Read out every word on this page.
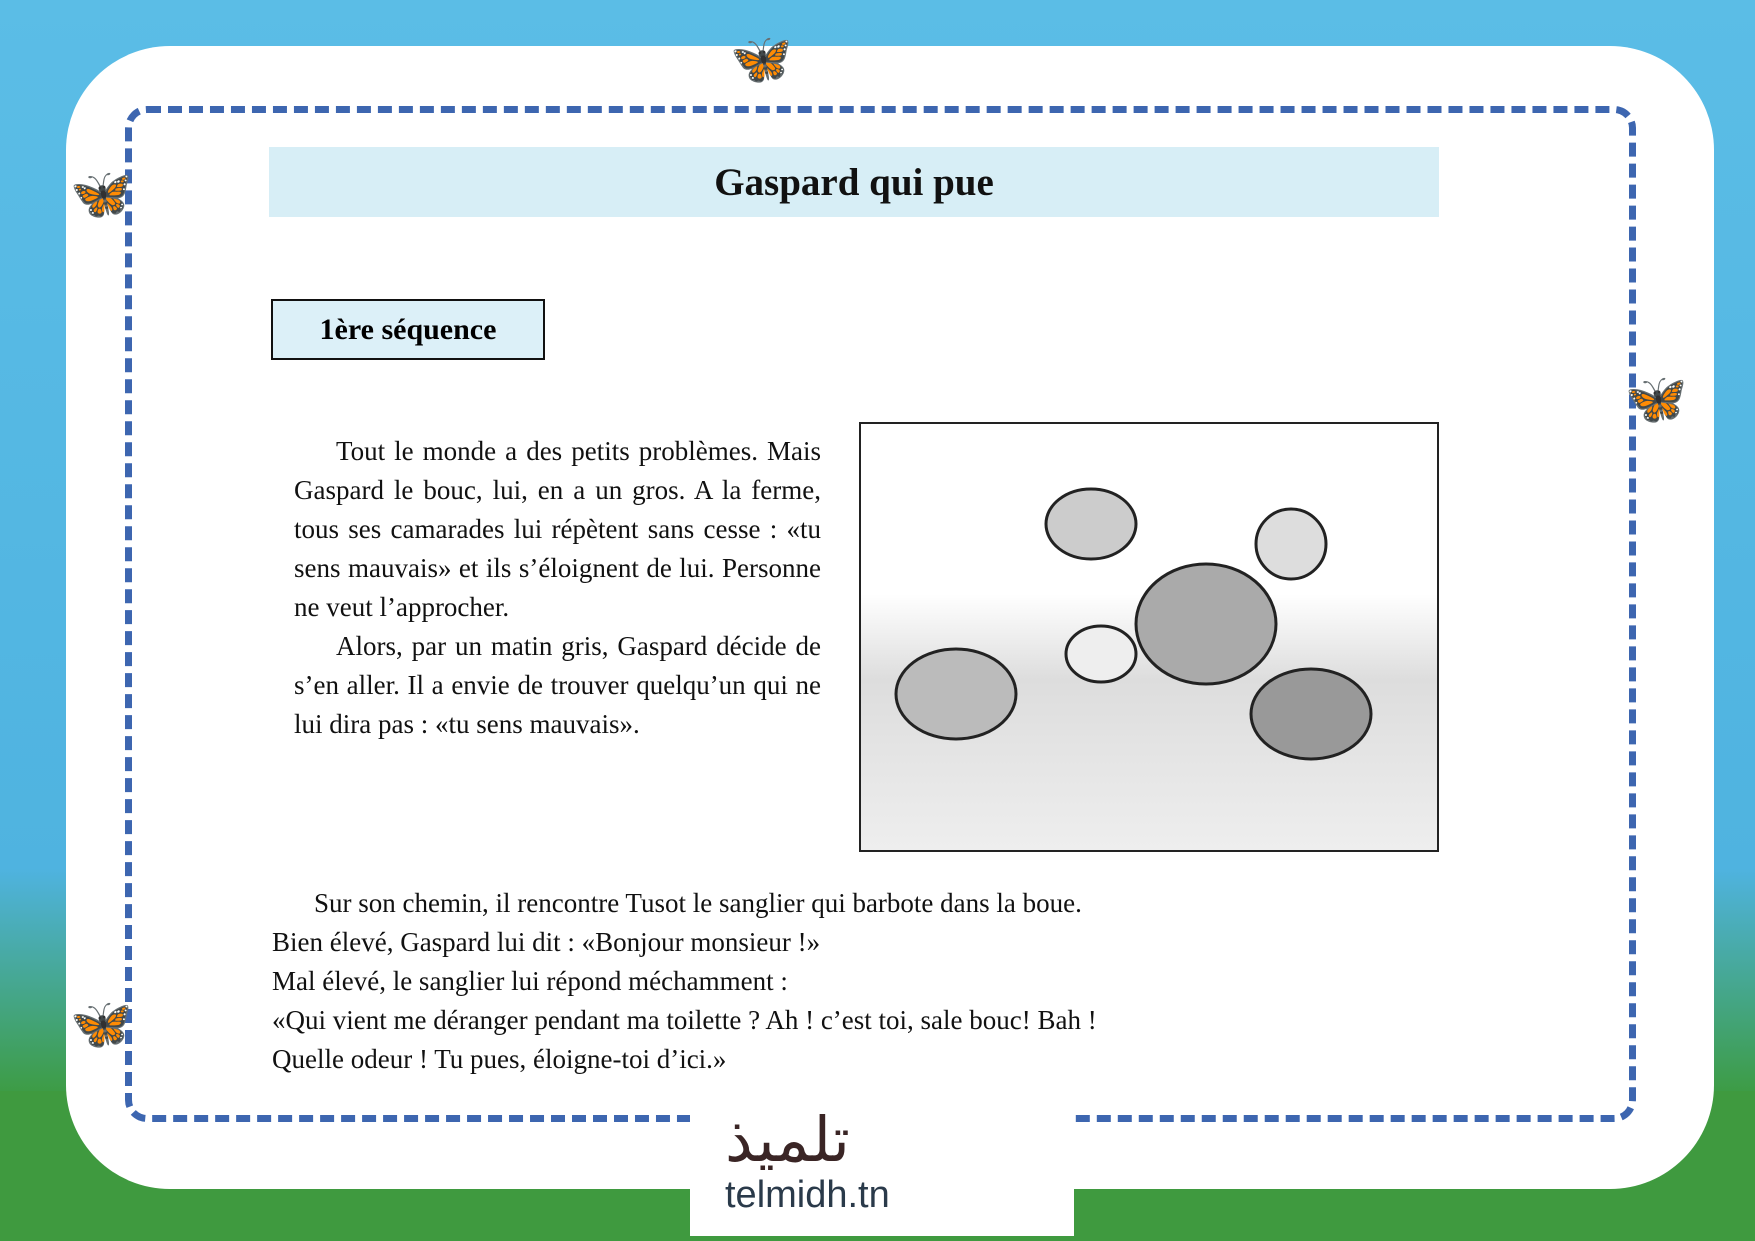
🦋
🦋
🦋
🦋
Gaspard qui pue
1ère séquence

Tout le monde a des petits problèmes. Mais Gaspard le bouc, lui, en a un gros. A la ferme, tous ses camarades lui répètent sans cesse : «tu sens mauvais» et ils s’éloignent de lui. Personne ne veut l’approcher.

Alors, par un matin gris, Gaspard décide de s’en aller. Il a envie de trouver quelqu’un qui ne lui dira pas : «tu sens mauvais».

Sur son chemin, il rencontre Tusot le sanglier qui barbote dans la boue.
Bien élevé, Gaspard lui dit : «Bonjour monsieur !»
Mal élevé, le sanglier lui répond méchamment :
«Qui vient me déranger pendant ma toilette ? Ah ! c’est toi, sale bouc! Bah !
Quelle odeur ! Tu pues, éloigne-toi d’ici.»
تلميذ
telmidh.tn
